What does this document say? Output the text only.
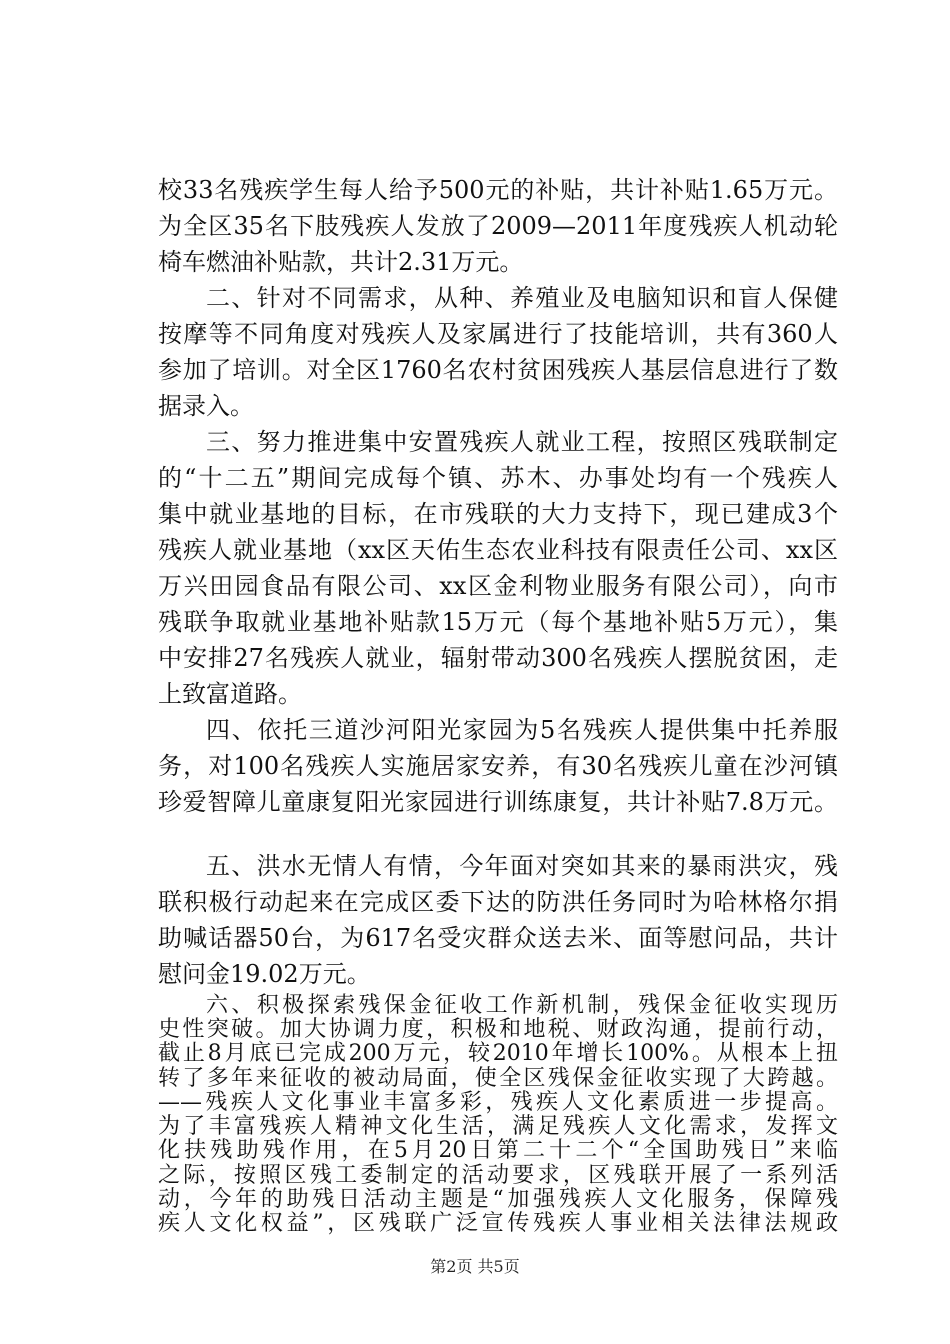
校33名残疾学生每人给予500元的补贴，共计补贴1.65万元。
为全区35名下肢残疾人发放了2009—2011年度残疾人机动轮
椅车燃油补贴款，共计2.31万元。
二、针对不同需求，从种、养殖业及电脑知识和盲人保健
按摩等不同角度对残疾人及家属进行了技能培训，共有360人
参加了培训。对全区1760名农村贫困残疾人基层信息进行了数
据录入。
三、努力推进集中安置残疾人就业工程，按照区残联制定
的“十二五”期间完成每个镇、苏木、办事处均有一个残疾人
集中就业基地的目标，在市残联的大力支持下，现已建成3个
残疾人就业基地（xx区天佑生态农业科技有限责任公司、xx区
万兴田园食品有限公司、xx区金利物业服务有限公司），向市
残联争取就业基地补贴款15万元（每个基地补贴5万元），集
中安排27名残疾人就业，辐射带动300名残疾人摆脱贫困，走
上致富道路。
四、依托三道沙河阳光家园为5名残疾人提供集中托养服
务，对100名残疾人实施居家安养，有30名残疾儿童在沙河镇
珍爱智障儿童康复阳光家园进行训练康复，共计补贴7.8万元。
五、洪水无情人有情，今年面对突如其来的暴雨洪灾，残
联积极行动起来在完成区委下达的防洪任务同时为哈林格尔捐
助喊话器50台，为617名受灾群众送去米、面等慰问品，共计
慰问金19.02万元。
六、积极探索残保金征收工作新机制，残保金征收实现历
史性突破。加大协调力度，积极和地税、财政沟通，提前行动，
截止8月底已完成200万元，较2010年增长100%。从根本上扭
转了多年来征收的被动局面，使全区残保金征收实现了大跨越。
——残疾人文化事业丰富多彩，残疾人文化素质进一步提高。
为了丰富残疾人精神文化生活，满足残疾人文化需求，发挥文
化扶残助残作用，在5月20日第二十二个“全国助残日”来临
之际，按照区残工委制定的活动要求，区残联开展了一系列活
动，今年的助残日活动主题是“加强残疾人文化服务，保障残
疾人文化权益”，区残联广泛宣传残疾人事业相关法律法规政
第2页 共5页
